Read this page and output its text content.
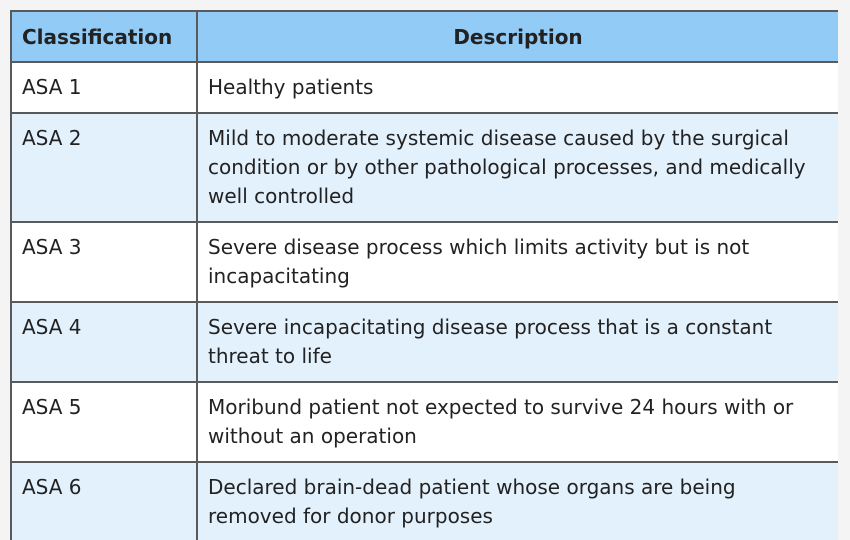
Classification	Description
ASA 1	Healthy patients
ASA 2	Mild to moderate systemic disease caused by the surgical condition or by other pathological processes, and medically well controlled
ASA 3	Severe disease process which limits activity but is not incapacitating
ASA 4	Severe incapacitating disease process that is a constant threat to life
ASA 5	Moribund patient not expected to survive 24 hours with or without an operation
ASA 6	Declared brain-dead patient whose organs are being removed for donor purposes
